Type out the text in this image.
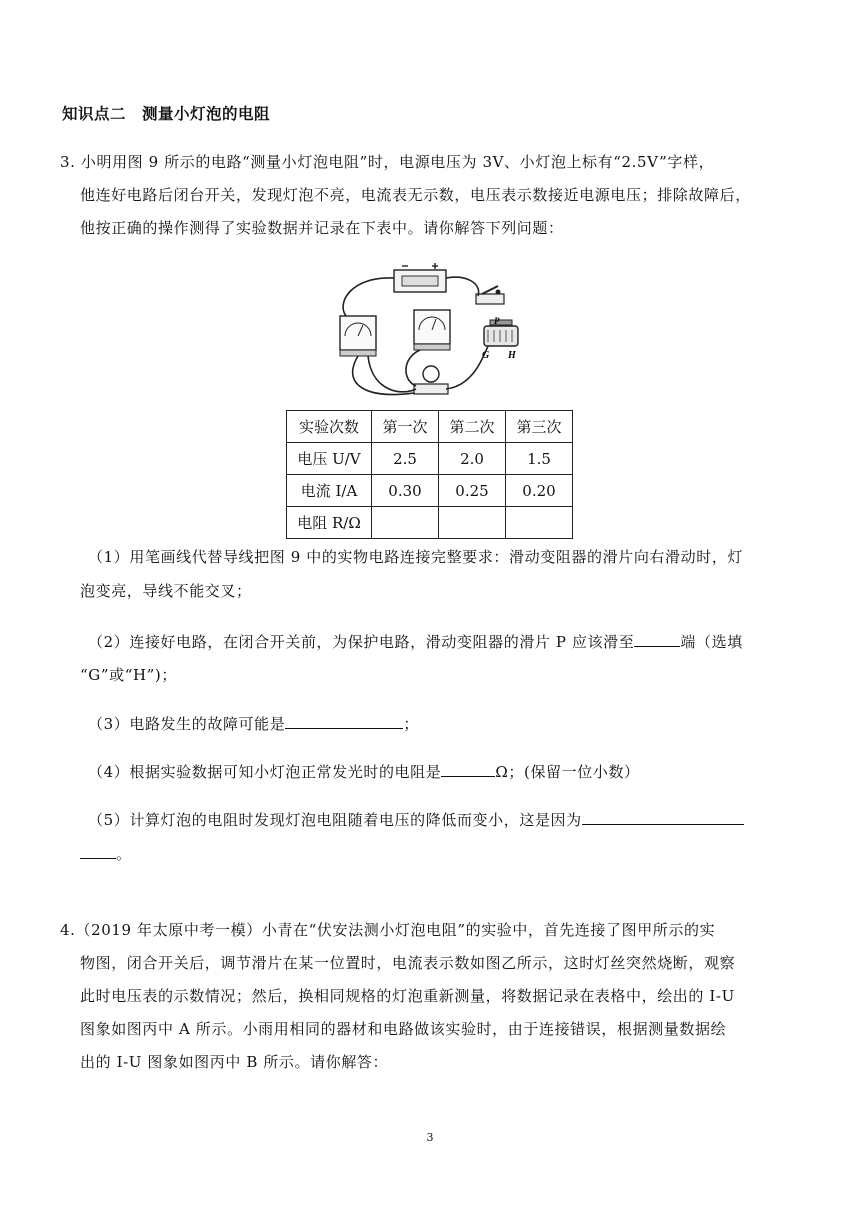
知识点二　测量小灯泡的电阻
3. 小明用图 9 所示的电路“测量小灯泡电阻”时，电源电压为 3V、小灯泡上标有“2.5V”字样，
他连好电路后闭台开关，发现灯泡不亮，电流表无示数，电压表示数接近电源电压；排除故障后，
他按正确的操作测得了实验数据并记录在下表中。请你解答下列问题：
P
G H
实验次数	第一次	第二次	第三次
电压 U/V	2.5	2.0	1.5
电流 I/A	0.30	0.25	0.20
电阻 R/Ω			
（1）用笔画线代替导线把图 9 中的实物电路连接完整要求：滑动变阻器的滑片向右滑动时，灯
泡变亮，导线不能交叉；
（2）连接好电路，在闭合开关前，为保护电路，滑动变阻器的滑片 P 应该滑至	端（选填
“G”或“H”)；
（3）电路发生的故障可能是	；
（4）根据实验数据可知小灯泡正常发光时的电阻是	Ω；(保留一位小数）
（5）计算灯泡的电阻时发现灯泡电阻随着电压的降低而变小，这是因为
。
4.（2019 年太原中考一模）小青在“伏安法测小灯泡电阻”的实验中，首先连接了图甲所示的实
物图，闭合开关后，调节滑片在某一位置时，电流表示数如图乙所示，这时灯丝突然烧断，观察
此时电压表的示数情况；然后，换相同规格的灯泡重新测量，将数据记录在表格中，绘出的 I-U
图象如图丙中 A 所示。小雨用相同的器材和电路做该实验时，由于连接错误，根据测量数据绘
出的 I-U 图象如图丙中 B 所示。请你解答：
3
